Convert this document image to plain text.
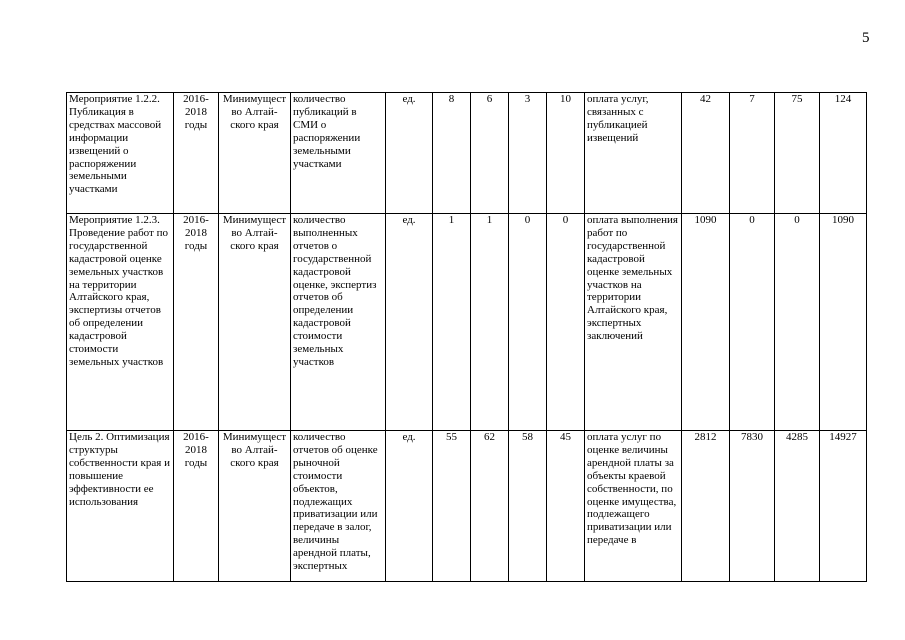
5
Мероприятие 1.2.2. Публикация в средствах массовой информации извещений о распоряжении земельными участками	2016-2018 годы	Минимущест во Алтай-ского края	количество публикаций в СМИ о распоряжении земельными участками	ед.	8	6	3	10	оплата услуг, связанных с публикацией извещений	42	7	75	124
Мероприятие 1.2.3. Проведение работ по государственной кадастровой оценке земельных участков на территории Алтайского края, экспертизы отчетов об определении кадастровой стоимости земельных участков	2016-2018 годы	Минимущест во Алтай-ского края	количество выполненных отчетов о государственной кадастровой оценке, экспертиз отчетов об определении кадастровой стоимости земельных участков	ед.	1	1	0	0	оплата выполнения работ по государственной кадастровой оценке земельных участков на территории Алтайского края, экспертных заключений	1090	0	0	1090

Цель 2. Оптимизация структуры собственности края и повышение эффективности ее использования	2016-2018 годы	Минимущест во Алтай-ского края	количество отчетов об оценке рыночной стоимости объектов, подлежащих приватизации или передаче в залог, величины арендной платы, экспертных	ед.	55	62	58	45	оплата услуг по оценке величины арендной платы за объекты краевой собственности, по оценке имущества, подлежащего приватизации или передаче в	2812	7830	4285	14927
